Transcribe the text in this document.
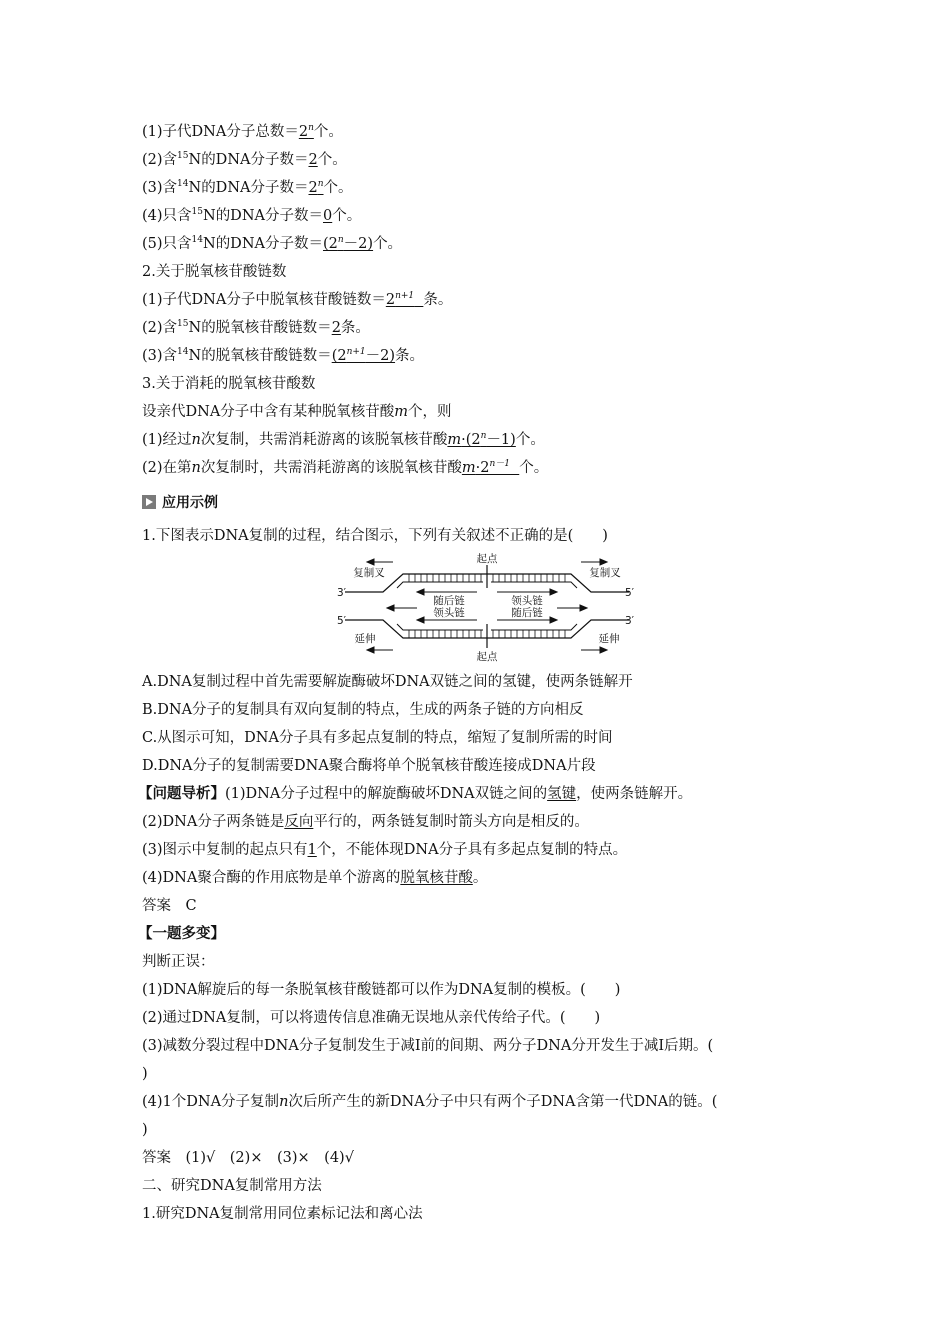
(1)子代DNA分子总数$=2^n$个。
(2)含$^{15}$N的DNA分子数＝2个。
(3)含$^{14}$N的DNA分子数$=2^n$个。
(4)只含$^{15}$N的DNA分子数＝0个。
(5)只含$^{14}$N的DNA分子数$=(2^n-2)$个。
2.关于脱氧核苷酸链数
(1)子代DNA分子中脱氧核苷酸链数$=2^{n+1}$ 条。
(2)含$^{15}$N的脱氧核苷酸链数＝2条。
(3)含$^{14}$N的脱氧核苷酸链数$=(2^{n+1}-2)$条。
3.关于消耗的脱氧核苷酸数
设亲代DNA分子中含有某种脱氧核苷酸m个，则
(1)经过n次复制，共需消耗游离的该脱氧核苷酸$m\cdot(2^n-1)$个。
(2)在第n次复制时，共需消耗游离的该脱氧核苷酸$m\cdot 2^{n-1}$ 个。
应用示例
1.下图表示DNA复制的过程，结合图示，下列有关叙述不正确的是(　　)
起点
起点
复制叉	复制叉
3′	5′
5′	3′
随后链	领头链
领头链	随后链
延伸	延伸
A.DNA复制过程中首先需要解旋酶破坏DNA双链之间的氢键，使两条链解开
B.DNA分子的复制具有双向复制的特点，生成的两条子链的方向相反
C.从图示可知，DNA分子具有多起点复制的特点，缩短了复制所需的时间
D.DNA分子的复制需要DNA聚合酶将单个脱氧核苷酸连接成DNA片段
【问题导析】(1)DNA分子过程中的解旋酶破坏DNA双链之间的氢键，使两条链解开。
(2)DNA分子两条链是反向平行的，两条链复制时箭头方向是相反的。
(3)图示中复制的起点只有1个，不能体现DNA分子具有多起点复制的特点。
(4)DNA聚合酶的作用底物是单个游离的脱氧核苷酸。
答案　C
【一题多变】
判断正误：
(1)DNA解旋后的每一条脱氧核苷酸链都可以作为DNA复制的模板。(　　)
(2)通过DNA复制，可以将遗传信息准确无误地从亲代传给子代。(　　)
(3)减数分裂过程中DNA分子复制发生于减Ⅰ前的间期、两分子DNA分开发生于减Ⅰ后期。(
)
(4)1个DNA分子复制n次后所产生的新DNA分子中只有两个子DNA含第一代DNA的链。(
)
答案　(1)√　(2)×　(3)×　(4)√
二、研究DNA复制常用方法
1.研究DNA复制常用同位素标记法和离心法
